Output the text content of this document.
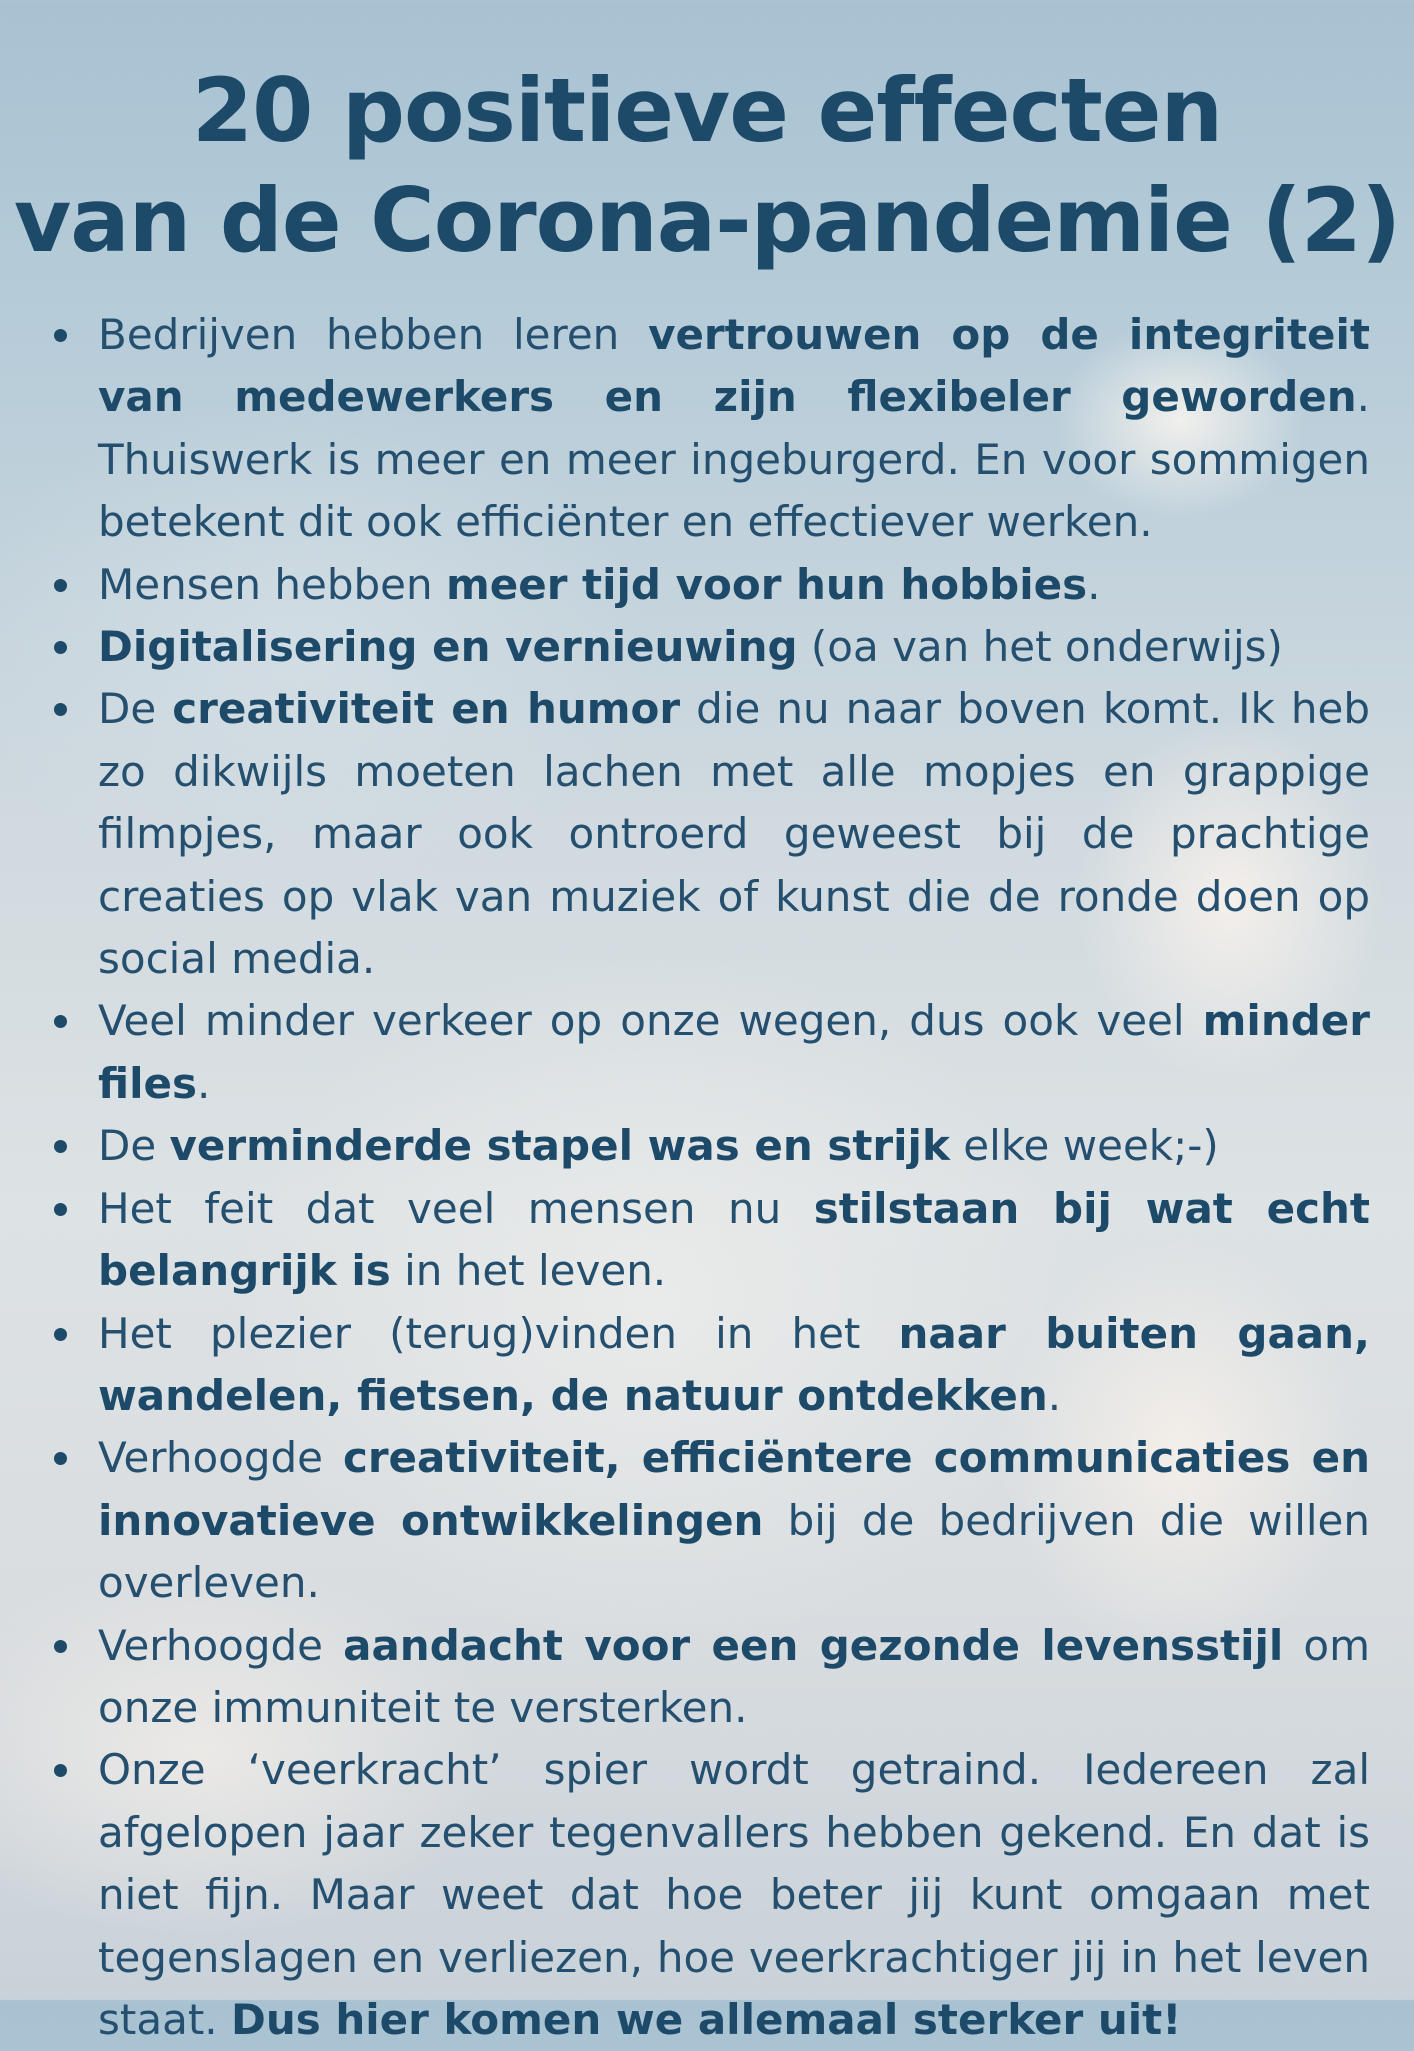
20 positieve effecten
van de Corona-pandemie (2)
Bedrijven hebben leren vertrouwen op de integriteit van medewerkers en zijn flexibeler geworden. Thuiswerk is meer en meer ingeburgerd. En voor sommigen betekent dit ook efficiënter en effectiever werken.
Mensen hebben meer tijd voor hun hobbies.
Digitalisering en vernieuwing (oa van het onderwijs)
De creativiteit en humor die nu naar boven komt. Ik heb zo dikwijls moeten lachen met alle mopjes en grappige filmpjes, maar ook ontroerd geweest bij de prachtige creaties op vlak van muziek of kunst die de ronde doen op social media.
Veel minder verkeer op onze wegen, dus ook veel minder files.
De verminderde stapel was en strijk elke week;-)
Het feit dat veel mensen nu stilstaan bij wat echt belangrijk is in het leven.
Het plezier (terug)vinden in het naar buiten gaan, wandelen, fietsen, de natuur ontdekken.
Verhoogde creativiteit, efficiëntere communicaties en innovatieve ontwikkelingen bij de bedrijven die willen overleven.
Verhoogde aandacht voor een gezonde levensstijl om onze immuniteit te versterken.
Onze ‘veerkracht’ spier wordt getraind. Iedereen zal afgelopen jaar zeker tegenvallers hebben gekend. En dat is niet fijn. Maar weet dat hoe beter jij kunt omgaan met tegenslagen en verliezen, hoe veerkrachtiger jij in het leven staat. Dus hier komen we allemaal sterker uit!
